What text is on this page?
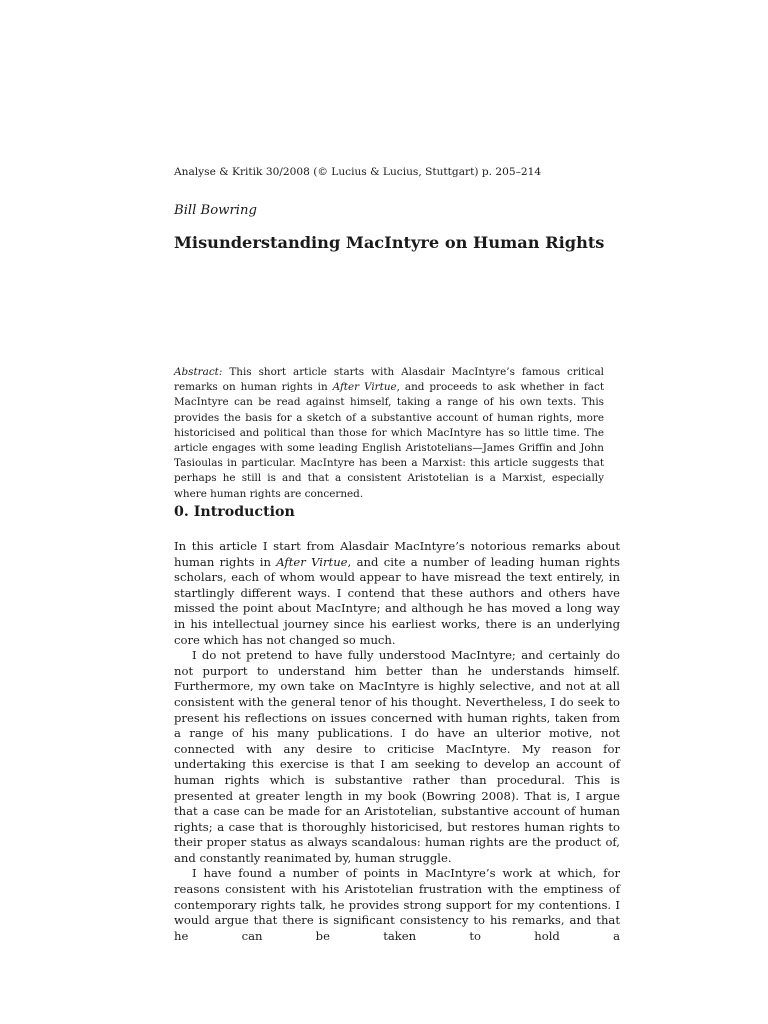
Analyse & Kritik 30/2008 (© Lucius & Lucius, Stuttgart) p. 205–214
Bill Bowring
Misunderstanding MacIntyre on Human Rights

Abstract: This short article starts with Alasdair MacIntyre’s famous critical remarks on human rights in After Virtue, and proceeds to ask whether in fact MacIntyre can be read against himself, taking a range of his own texts. This provides the basis for a sketch of a substantive account of human rights, more historicised and political than those for which MacIntyre has so little time. The article engages with some leading English Aristotelians—James Griffin and John Tasioulas in particular. MacIntyre has been a Marxist: this article suggests that perhaps he still is and that a consistent Aristotelian is a Marxist, especially where human rights are concerned.

0. Introduction

In this article I start from Alasdair MacIntyre’s notorious remarks about human rights in After Virtue, and cite a number of leading human rights scholars, each of whom would appear to have misread the text entirely, in startlingly different ways. I contend that these authors and others have missed the point about MacIntyre; and although he has moved a long way in his intellectual journey since his earliest works, there is an underlying core which has not changed so much.

I do not pretend to have fully understood MacIntyre; and certainly do not purport to understand him better than he understands himself. Furthermore, my own take on MacIntyre is highly selective, and not at all consistent with the general tenor of his thought. Nevertheless, I do seek to present his reflections on issues concerned with human rights, taken from a range of his many publications. I do have an ulterior motive, not connected with any desire to criticise MacIntyre. My reason for undertaking this exercise is that I am seeking to develop an account of human rights which is substantive rather than procedural. This is presented at greater length in my book (Bowring 2008). That is, I argue that a case can be made for an Aristotelian, substantive account of human rights; a case that is thoroughly historicised, but restores human rights to their proper status as always scandalous: human rights are the product of, and constantly reanimated by, human struggle.

I have found a number of points in MacIntyre’s work at which, for reasons consistent with his Aristotelian frustration with the emptiness of contemporary rights talk, he provides strong support for my contentions. I would argue that there is significant consistency to his remarks, and that he can be taken to hold a
